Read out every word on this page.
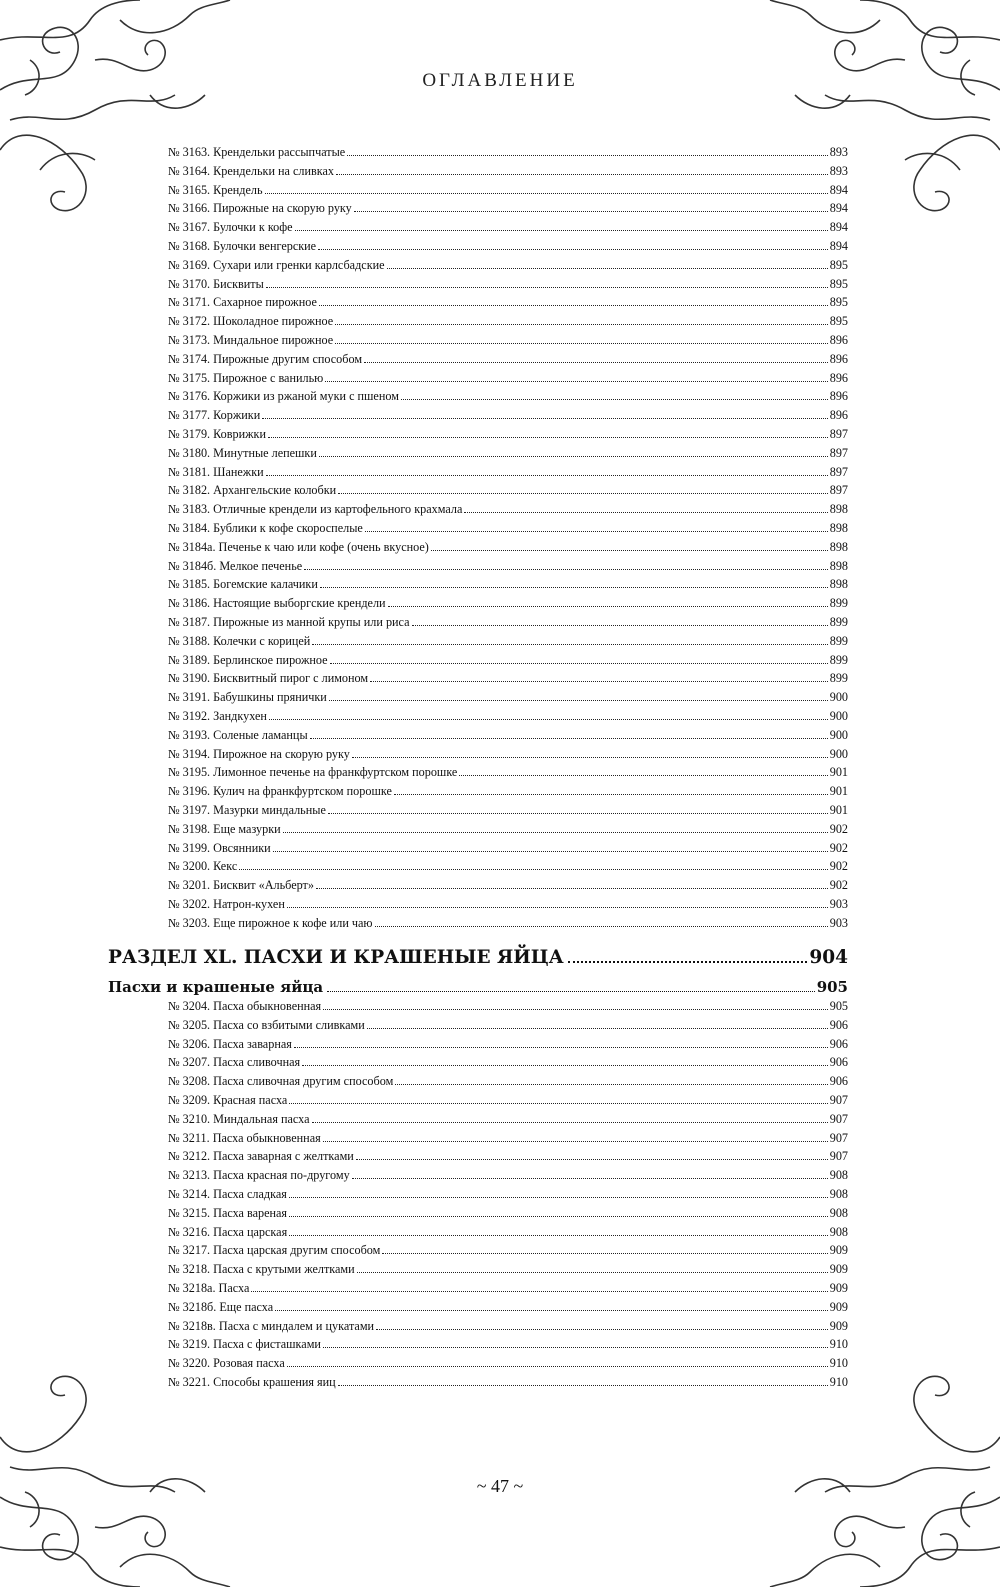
ОГЛАВЛЕНИЕ
№ 3163. Крендельки рассыпчатые	893
№ 3164. Крендельки на сливках	893
№ 3165. Крендель	894
№ 3166. Пирожные на скорую руку	894
№ 3167. Булочки к кофе	894
№ 3168. Булочки венгерские	894
№ 3169. Сухари или гренки карлсбадские	895
№ 3170. Бисквиты	895
№ 3171. Сахарное пирожное	895
№ 3172. Шоколадное пирожное	895
№ 3173. Миндальное пирожное	896
№ 3174. Пирожные другим способом	896
№ 3175. Пирожное с ванилью	896
№ 3176. Коржики из ржаной муки с пшеном	896
№ 3177. Коржики	896
№ 3179. Коврижки	897
№ 3180. Минутные лепешки	897
№ 3181. Шанежки	897
№ 3182. Архангельские колобки	897
№ 3183. Отличные крендели из картофельного крахмала	898
№ 3184. Бублики к кофе скороспелые	898
№ 3184а. Печенье к чаю или кофе (очень вкусное)	898
№ 3184б. Мелкое печенье	898
№ 3185. Богемские калачики	898
№ 3186. Настоящие выборгские крендели	899
№ 3187. Пирожные из манной крупы или риса	899
№ 3188. Колечки с корицей	899
№ 3189. Берлинское пирожное	899
№ 3190. Бисквитный пирог с лимоном	899
№ 3191. Бабушкины прянички	900
№ 3192. Зандкухен	900
№ 3193. Соленые ламанцы	900
№ 3194. Пирожное на скорую руку	900
№ 3195. Лимонное печенье на франкфуртском порошке	901
№ 3196. Кулич на франкфуртском порошке	901
№ 3197. Мазурки миндальные	901
№ 3198. Еще мазурки	902
№ 3199. Овсянники	902
№ 3200. Кекс	902
№ 3201. Бисквит «Альберт»	902
№ 3202. Натрон-кухен	903
№ 3203. Еще пирожное к кофе или чаю	903
РАЗДЕЛ XL. ПАСХИ И КРАШЕНЫЕ ЯЙЦА	904
Пасхи и крашеные яйца	905
№ 3204. Пасха обыкновенная	905
№ 3205. Пасха со взбитыми сливками	906
№ 3206. Пасха заварная	906
№ 3207. Пасха сливочная	906
№ 3208. Пасха сливочная другим способом	906
№ 3209. Красная пасха	907
№ 3210. Миндальная пасха	907
№ 3211. Пасха обыкновенная	907
№ 3212. Пасха заварная с желтками	907
№ 3213. Пасха красная по-другому	908
№ 3214. Пасха сладкая	908
№ 3215. Пасха вареная	908
№ 3216. Пасха царская	908
№ 3217. Пасха царская другим способом	909
№ 3218. Пасха с крутыми желтками	909
№ 3218а. Пасха	909
№ 3218б. Еще пасха	909
№ 3218в. Пасха с миндалем и цукатами	909
№ 3219. Пасха с фисташками	910
№ 3220. Розовая пасха	910
№ 3221. Способы крашения яиц	910
~ 47 ~
